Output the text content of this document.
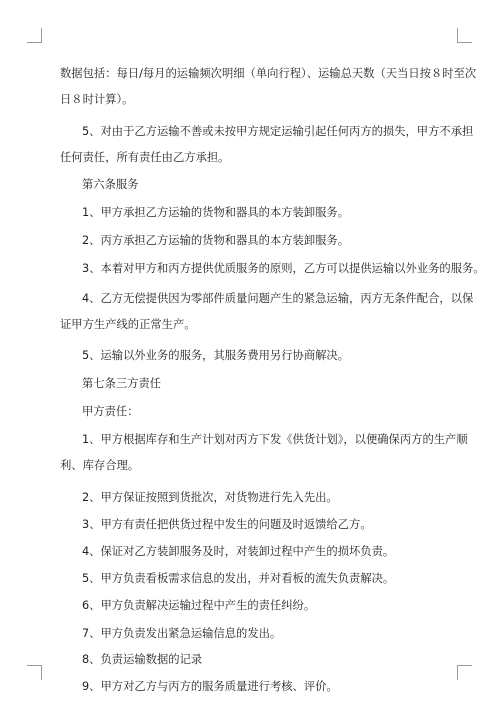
数据包括：每日/每月的运输频次明细（单向行程）、运输总天数（天当日按８时至次
日８时计算）。
5、对由于乙方运输不善或未按甲方规定运输引起任何丙方的损失，甲方不承担
任何责任，所有责任由乙方承担。
第六条服务
1、甲方承担乙方运输的货物和器具的本方装卸服务。
2、丙方承担乙方运输的货物和器具的本方装卸服务。
3、本着对甲方和丙方提供优质服务的原则，乙方可以提供运输以外业务的服务。
4、乙方无偿提供因为零部件质量问题产生的紧急运输，丙方无条件配合，以保
证甲方生产线的正常生产。
5、运输以外业务的服务，其服务费用另行协商解决。
第七条三方责任
甲方责任：
1、甲方根据库存和生产计划对丙方下发《供货计划》，以便确保丙方的生产顺
利、库存合理。
2、甲方保证按照到货批次，对货物进行先入先出。
3、甲方有责任把供货过程中发生的问题及时返馈给乙方。
4、保证对乙方装卸服务及时，对装卸过程中产生的损坏负责。
5、甲方负责看板需求信息的发出，并对看板的流失负责解决。
6、甲方负责解决运输过程中产生的责任纠纷。
7、甲方负责发出紧急运输信息的发出。
8、负责运输数据的记录
9、甲方对乙方与丙方的服务质量进行考核、评价。
